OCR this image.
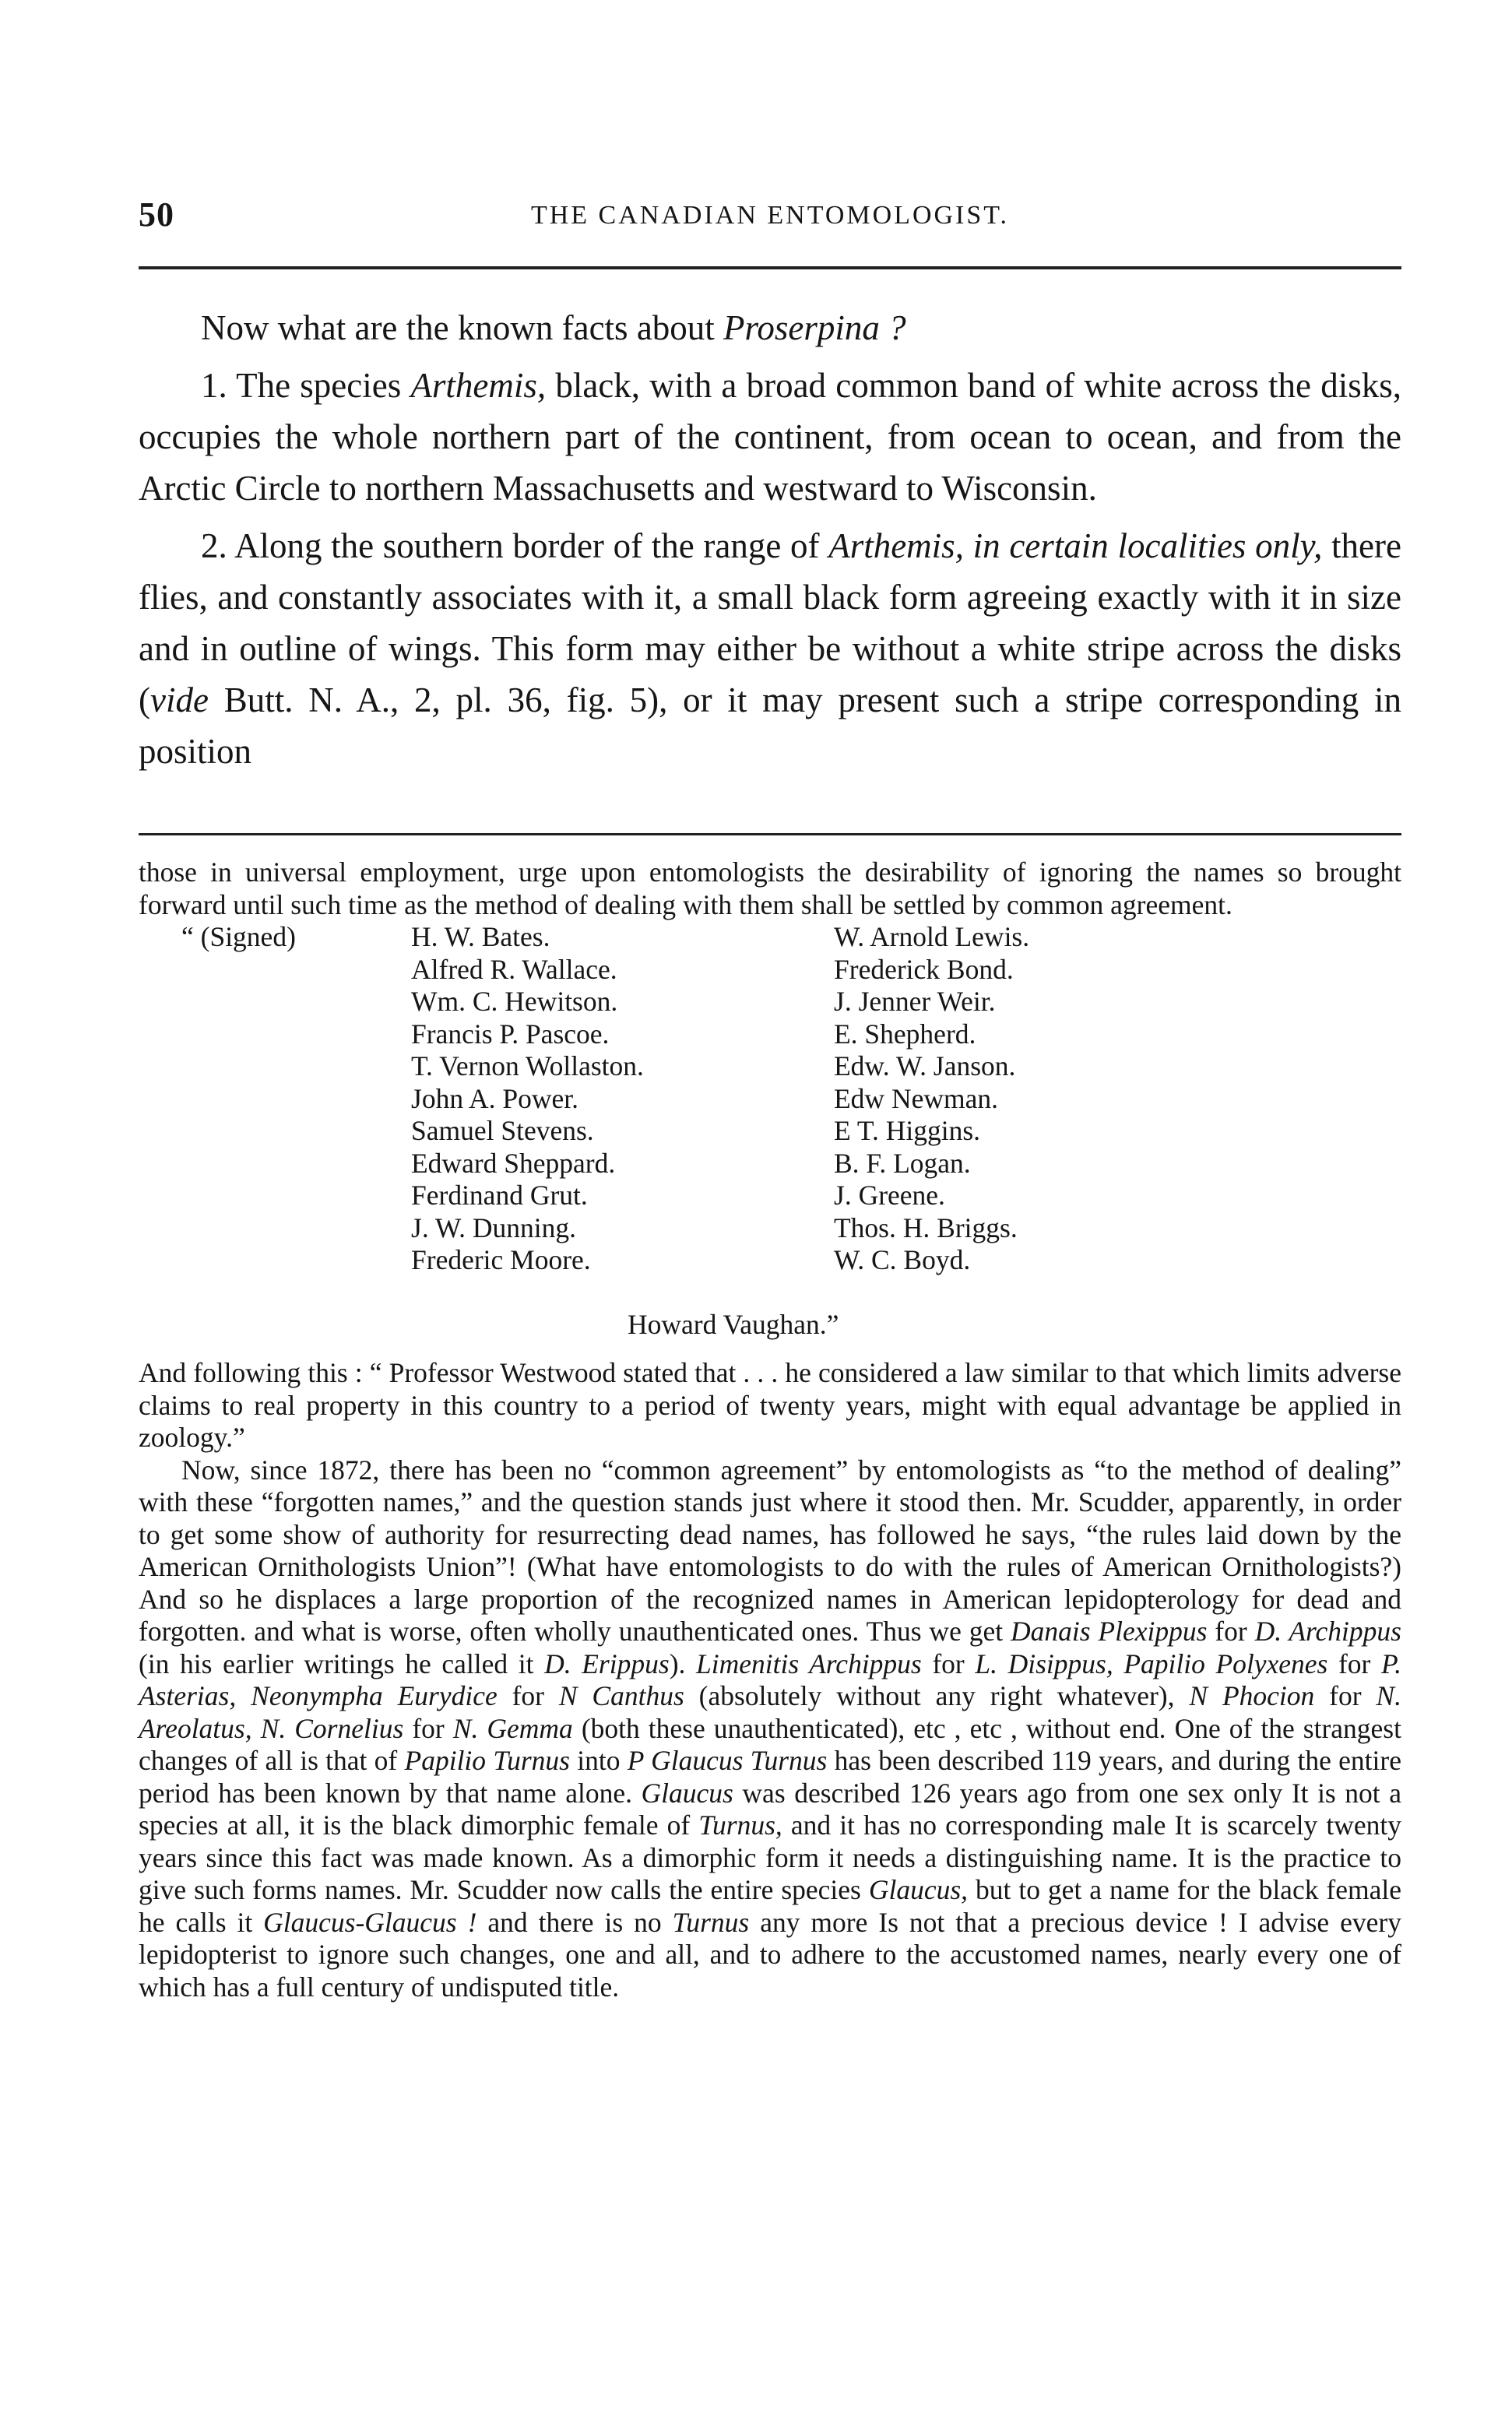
50	THE CANADIAN ENTOMOLOGIST.

Now what are the known facts about Proserpina ?

1. The species Arthemis, black, with a broad common band of white across the disks, occupies the whole northern part of the continent, from ocean to ocean, and from the Arctic Circle to northern Massachusetts and westward to Wisconsin.

2. Along the southern border of the range of Arthemis, in certain localities only, there flies, and constantly associates with it, a small black form agreeing exactly with it in size and in outline of wings. This form may either be without a white stripe across the disks (vide Butt. N. A., 2, pl. 36, fig. 5), or it may present such a stripe corresponding in position

those in universal employment, urge upon entomologists the desirability of ignoring the names so brought forward until such time as the method of dealing with them shall be settled by common agreement.

“ (Signed)	H. W. Bates.
Alfred R. Wallace.
Wm. C. Hewitson.
Francis P. Pascoe.
T. Vernon Wollaston.
John A. Power.
Samuel Stevens.
Edward Sheppard.
Ferdinand Grut.
J. W. Dunning.
Frederic Moore.
W. Arnold Lewis.
Frederick Bond.
J. Jenner Weir.
E. Shepherd.
Edw. W. Janson.
Edw Newman.
E T. Higgins.
B. F. Logan.
J. Greene.
Thos. H. Briggs.
W. C. Boyd.
Howard Vaughan.”

And following this : “ Professor Westwood stated that . . . he considered a law similar to that which limits adverse claims to real property in this country to a period of twenty years, might with equal advantage be applied in zoology.”

Now, since 1872, there has been no “common agreement” by entomologists as “to the method of dealing” with these “forgotten names,” and the question stands just where it stood then. Mr. Scudder, apparently, in order to get some show of authority for resurrecting dead names, has followed he says, “the rules laid down by the American Ornithologists Union”! (What have entomologists to do with the rules of American Ornithologists?) And so he displaces a large proportion of the recognized names in American lepidopterology for dead and forgotten. and what is worse, often wholly unauthenticated ones. Thus we get Danais Plexippus for D. Archippus (in his earlier writings he called it D. Erippus). Limenitis Archippus for L. Disippus, Papilio Polyxenes for P. Asterias, Neonympha Eurydice for N Canthus (absolutely without any right whatever), N Phocion for N. Areolatus, N. Cornelius for N. Gemma (both these unauthenticated), etc , etc , without end. One of the strangest changes of all is that of Papilio Turnus into P Glaucus Turnus has been described 119 years, and during the entire period has been known by that name alone. Glaucus was described 126 years ago from one sex only It is not a species at all, it is the black dimorphic female of Turnus, and it has no corresponding male It is scarcely twenty years since this fact was made known. As a dimorphic form it needs a distinguishing name. It is the practice to give such forms names. Mr. Scudder now calls the entire species Glaucus, but to get a name for the black female he calls it Glaucus-Glaucus ! and there is no Turnus any more Is not that a precious device ! I advise every lepidopterist to ignore such changes, one and all, and to adhere to the accustomed names, nearly every one of which has a full century of undisputed title.
